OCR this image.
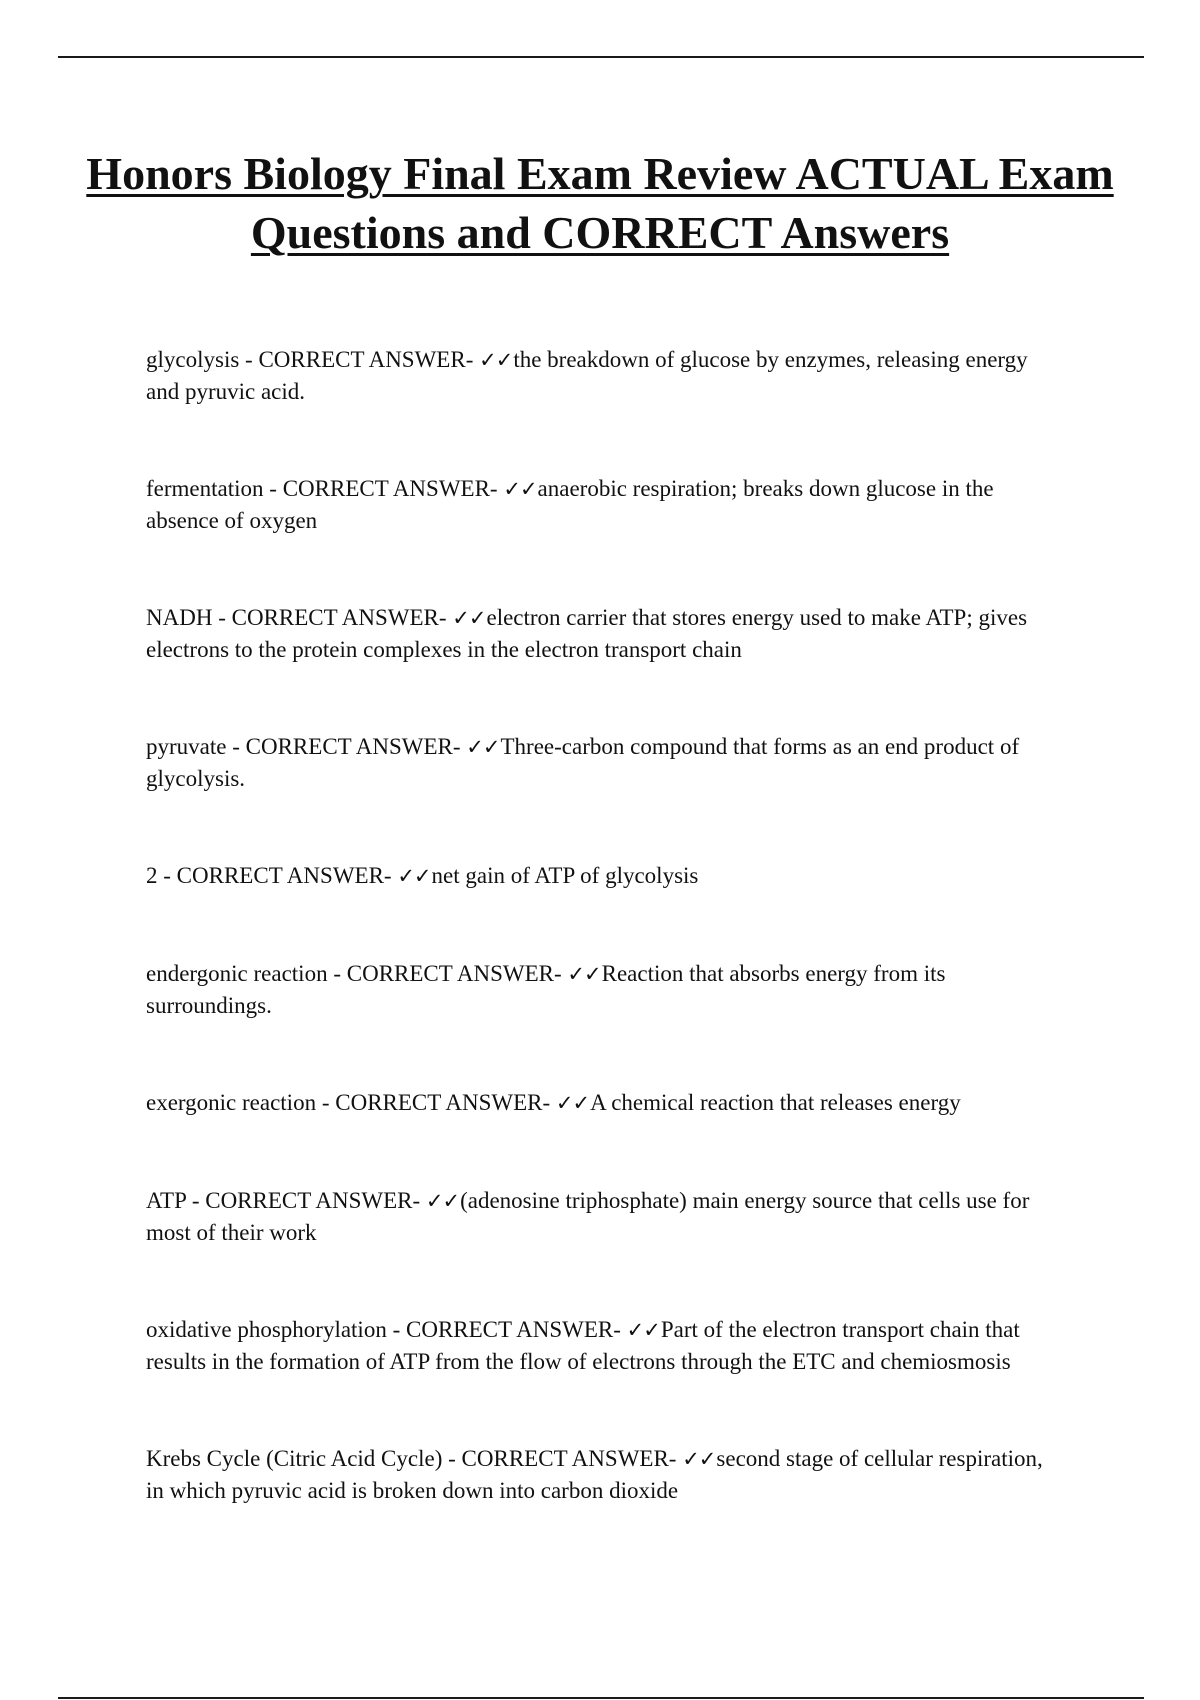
Honors Biology Final Exam Review ACTUAL Exam Questions and CORRECT Answers

glycolysis - CORRECT ANSWER- ✓✓the breakdown of glucose by enzymes, releasing energy and pyruvic acid.

fermentation - CORRECT ANSWER- ✓✓anaerobic respiration; breaks down glucose in the absence of oxygen

NADH - CORRECT ANSWER- ✓✓electron carrier that stores energy used to make ATP; gives electrons to the protein complexes in the electron transport chain

pyruvate - CORRECT ANSWER- ✓✓Three-carbon compound that forms as an end product of glycolysis.

2 - CORRECT ANSWER- ✓✓net gain of ATP of glycolysis

endergonic reaction - CORRECT ANSWER- ✓✓Reaction that absorbs energy from its surroundings.

exergonic reaction - CORRECT ANSWER- ✓✓A chemical reaction that releases energy

ATP - CORRECT ANSWER- ✓✓(adenosine triphosphate) main energy source that cells use for most of their work

oxidative phosphorylation - CORRECT ANSWER- ✓✓Part of the electron transport chain that results in the formation of ATP from the flow of electrons through the ETC and chemiosmosis

Krebs Cycle (Citric Acid Cycle) - CORRECT ANSWER- ✓✓second stage of cellular respiration, in which pyruvic acid is broken down into carbon dioxide
